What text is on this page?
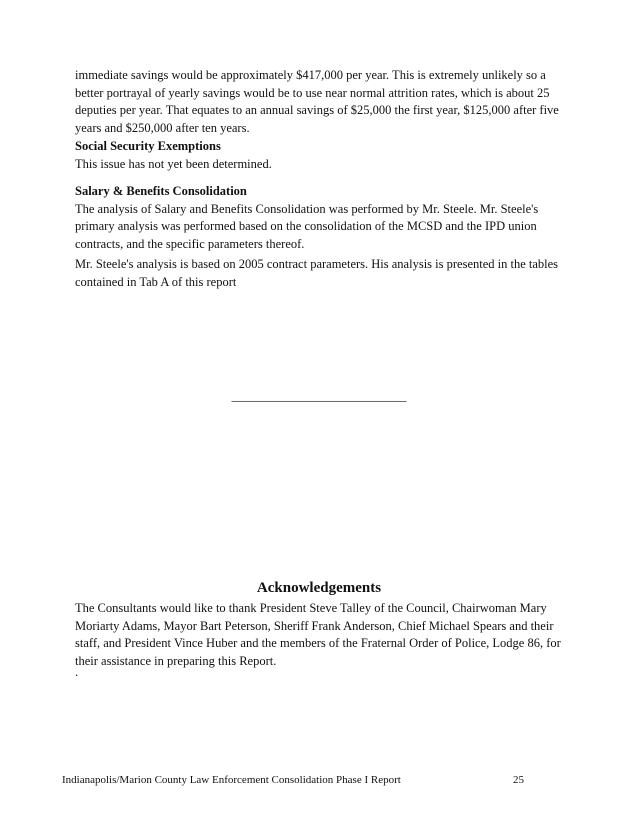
immediate savings would be approximately $417,000 per year. This is extremely unlikely so a better portrayal of yearly savings would be to use near normal attrition rates, which is about 25 deputies per year. That equates to an annual savings of $25,000 the first year, $125,000 after five years and $250,000 after ten years.

Social Security Exemptions
This issue has not yet been determined.
Salary & Benefits Consolidation
The analysis of Salary and Benefits Consolidation was performed by Mr. Steele. Mr. Steele's primary analysis was performed based on the consolidation of the MCSD and the IPD union contracts, and the specific parameters thereof.

Mr. Steele's analysis is based on 2005 contract parameters. His analysis is presented in the tables contained in Tab A of this report

____________________________
Acknowledgements

The Consultants would like to thank President Steve Talley of the Council, Chairwoman Mary Moriarty Adams, Mayor Bart Peterson, Sheriff Frank Anderson, Chief Michael Spears and their staff, and President Vince Huber and the members of the Fraternal Order of Police, Lodge 86, for their assistance in preparing this Report.

.
Indianapolis/Marion County Law Enforcement Consolidation Phase I Report	25
